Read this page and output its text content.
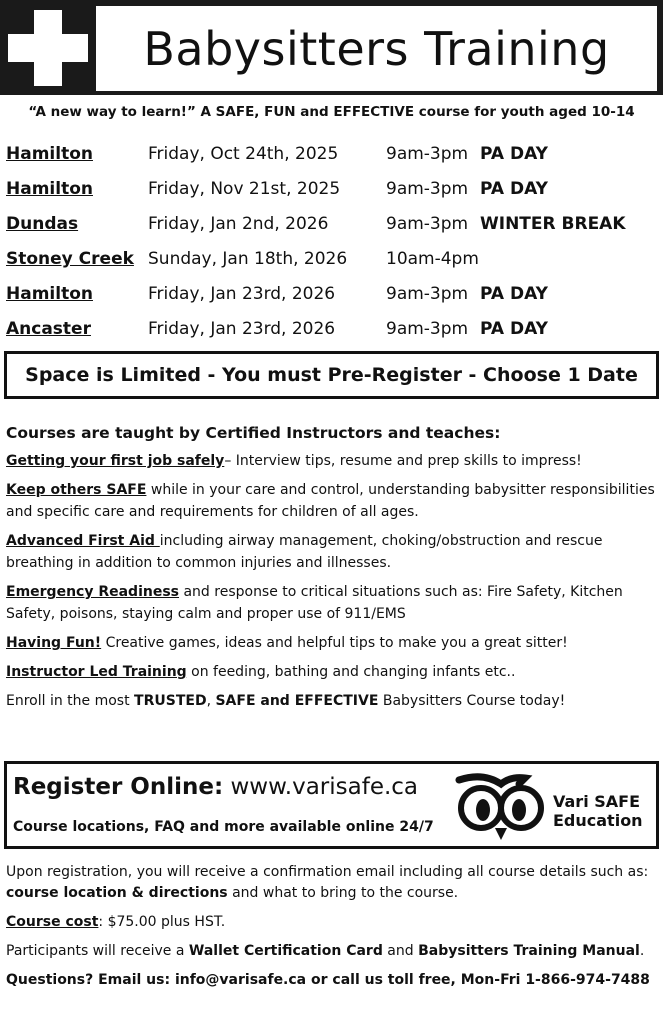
Babysitters Training
“A new way to learn!” A SAFE, FUN and EFFECTIVE course for youth aged 10-14
Hamilton	Friday, Oct 24th, 2025	9am-3pm PA DAY
Hamilton	Friday, Nov 21st, 2025	9am-3pm PA DAY
Dundas	Friday, Jan 2nd, 2026	9am-3pm WINTER BREAK
Stoney Creek Sunday, Jan 18th, 2026 10am-4pm
Hamilton	Friday, Jan 23rd, 2026	9am-3pm PA DAY
Ancaster	Friday, Jan 23rd, 2026	9am-3pm PA DAY
Space is Limited - You must Pre-Register - Choose 1 Date
Courses are taught by Certified Instructors and teaches:

Getting your first job safely– Interview tips, resume and prep skills to impress!

Keep others SAFE while in your care and control, understanding babysitter responsibilities and specific care and requirements for children of all ages.

Advanced First Aid including airway management, choking/obstruction and rescue breathing in addition to common injuries and illnesses.

Emergency Readiness and response to critical situations such as: Fire Safety, Kitchen Safety, poisons, staying calm and proper use of 911/EMS

Having Fun! Creative games, ideas and helpful tips to make you a great sitter!

Instructor Led Training on feeding, bathing and changing infants etc..

Enroll in the most TRUSTED, SAFE and EFFECTIVE Babysitters Course today!

Register Online: www.varisafe.ca
Course locations, FAQ and more available online 24/7
Vari SAFE
Education

Upon registration, you will receive a confirmation email including all course details such as: course location & directions and what to bring to the course.

Course cost: $75.00 plus HST.

Participants will receive a Wallet Certification Card and Babysitters Training Manual.

Questions? Email us: info@varisafe.ca or call us toll free, Mon-Fri 1-866-974-7488
